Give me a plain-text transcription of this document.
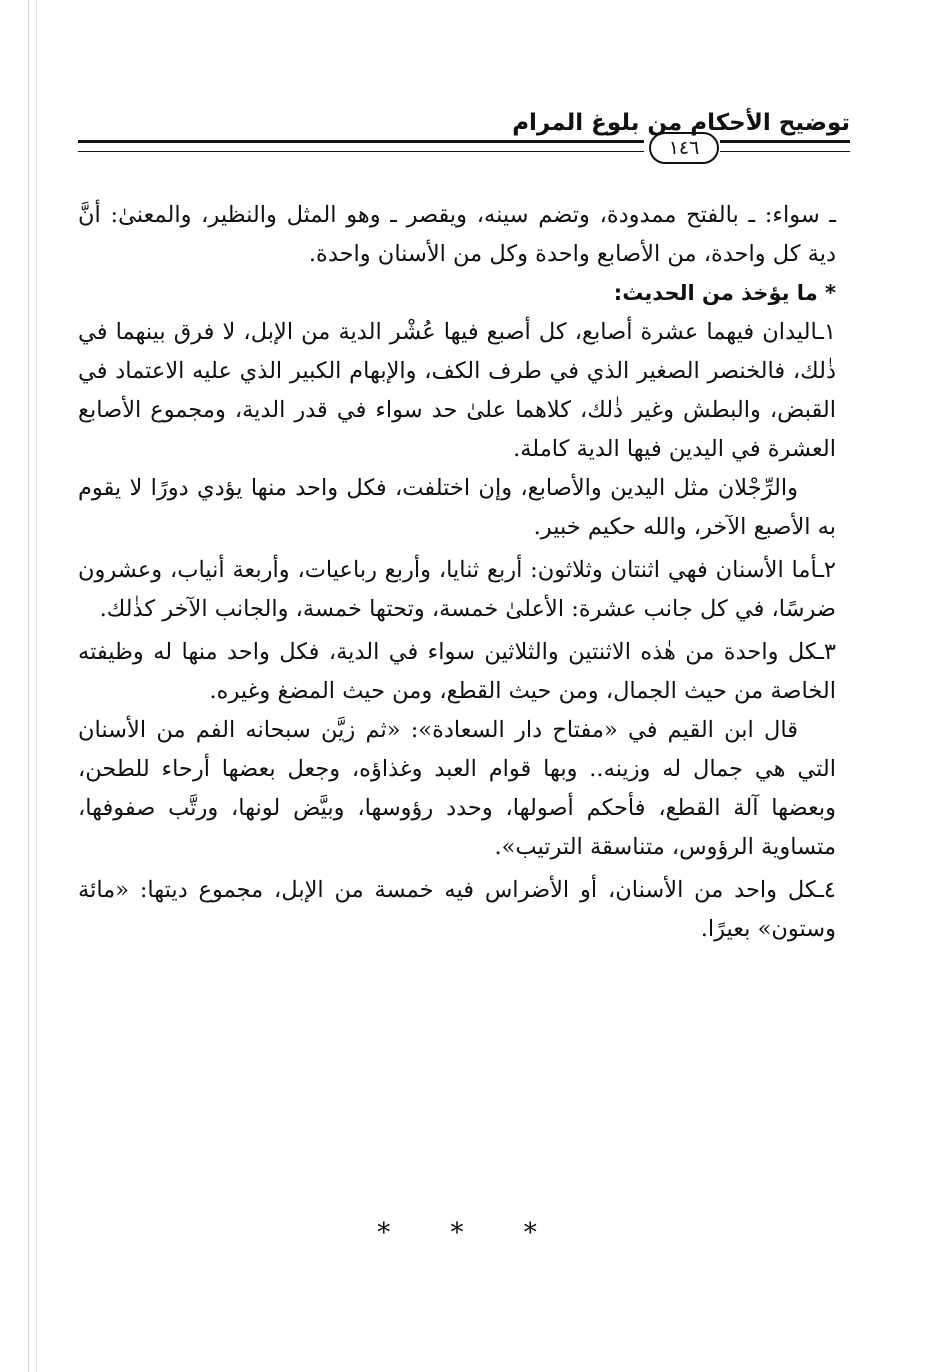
توضيح الأحكام من بلوغ المرام
١٤٦

ـ سواء: ـ بالفتح ممدودة، وتضم سينه، ويقصر ـ وهو المثل والنظير، والمعنىٰ: أنَّ دية كل واحدة، من الأصابع واحدة وكل من الأسنان واحدة.

* ما يؤخذ من الحديث:

١ـاليدان فيهما عشرة أصابع، كل أصبع فيها عُشْر الدية من الإبل، لا فرق بينهما في ذٰلك، فالخنصر الصغير الذي في طرف الكف، والإبهام الكبير الذي عليه الاعتماد في القبض، والبطش وغير ذٰلك، كلاهما علىٰ حد سواء في قدر الدية، ومجموع الأصابع العشرة في اليدين فيها الدية كاملة.

والرِّجْلان مثل اليدين والأصابع، وإن اختلفت، فكل واحد منها يؤدي دورًا لا يقوم به الأصبع الآخر، والله حكيم خبير.

٢ـأما الأسنان فهي اثنتان وثلاثون: أربع ثنايا، وأربع رباعيات، وأربعة أنياب، وعشرون ضرسًا، في كل جانب عشرة: الأعلىٰ خمسة، وتحتها خمسة، والجانب الآخر كذٰلك.

٣ـكل واحدة من هٰذه الاثنتين والثلاثين سواء في الدية، فكل واحد منها له وظيفته الخاصة من حيث الجمال، ومن حيث القطع، ومن حيث المضغ وغيره.

قال ابن القيم في «مفتاح دار السعادة»: «ثم زيَّن سبحانه الفم من الأسنان التي هي جمال له وزينه.. وبها قوام العبد وغذاؤه، وجعل بعضها أرحاء للطحن، وبعضها آلة القطع، فأحكم أصولها، وحدد رؤوسها، وبيَّض لونها، ورتَّب صفوفها، متساوية الرؤوس، متناسقة الترتيب».

٤ـكل واحد من الأسنان، أو الأضراس فيه خمسة من الإبل، مجموع ديتها: «مائة وستون» بعيرًا.

* * *
